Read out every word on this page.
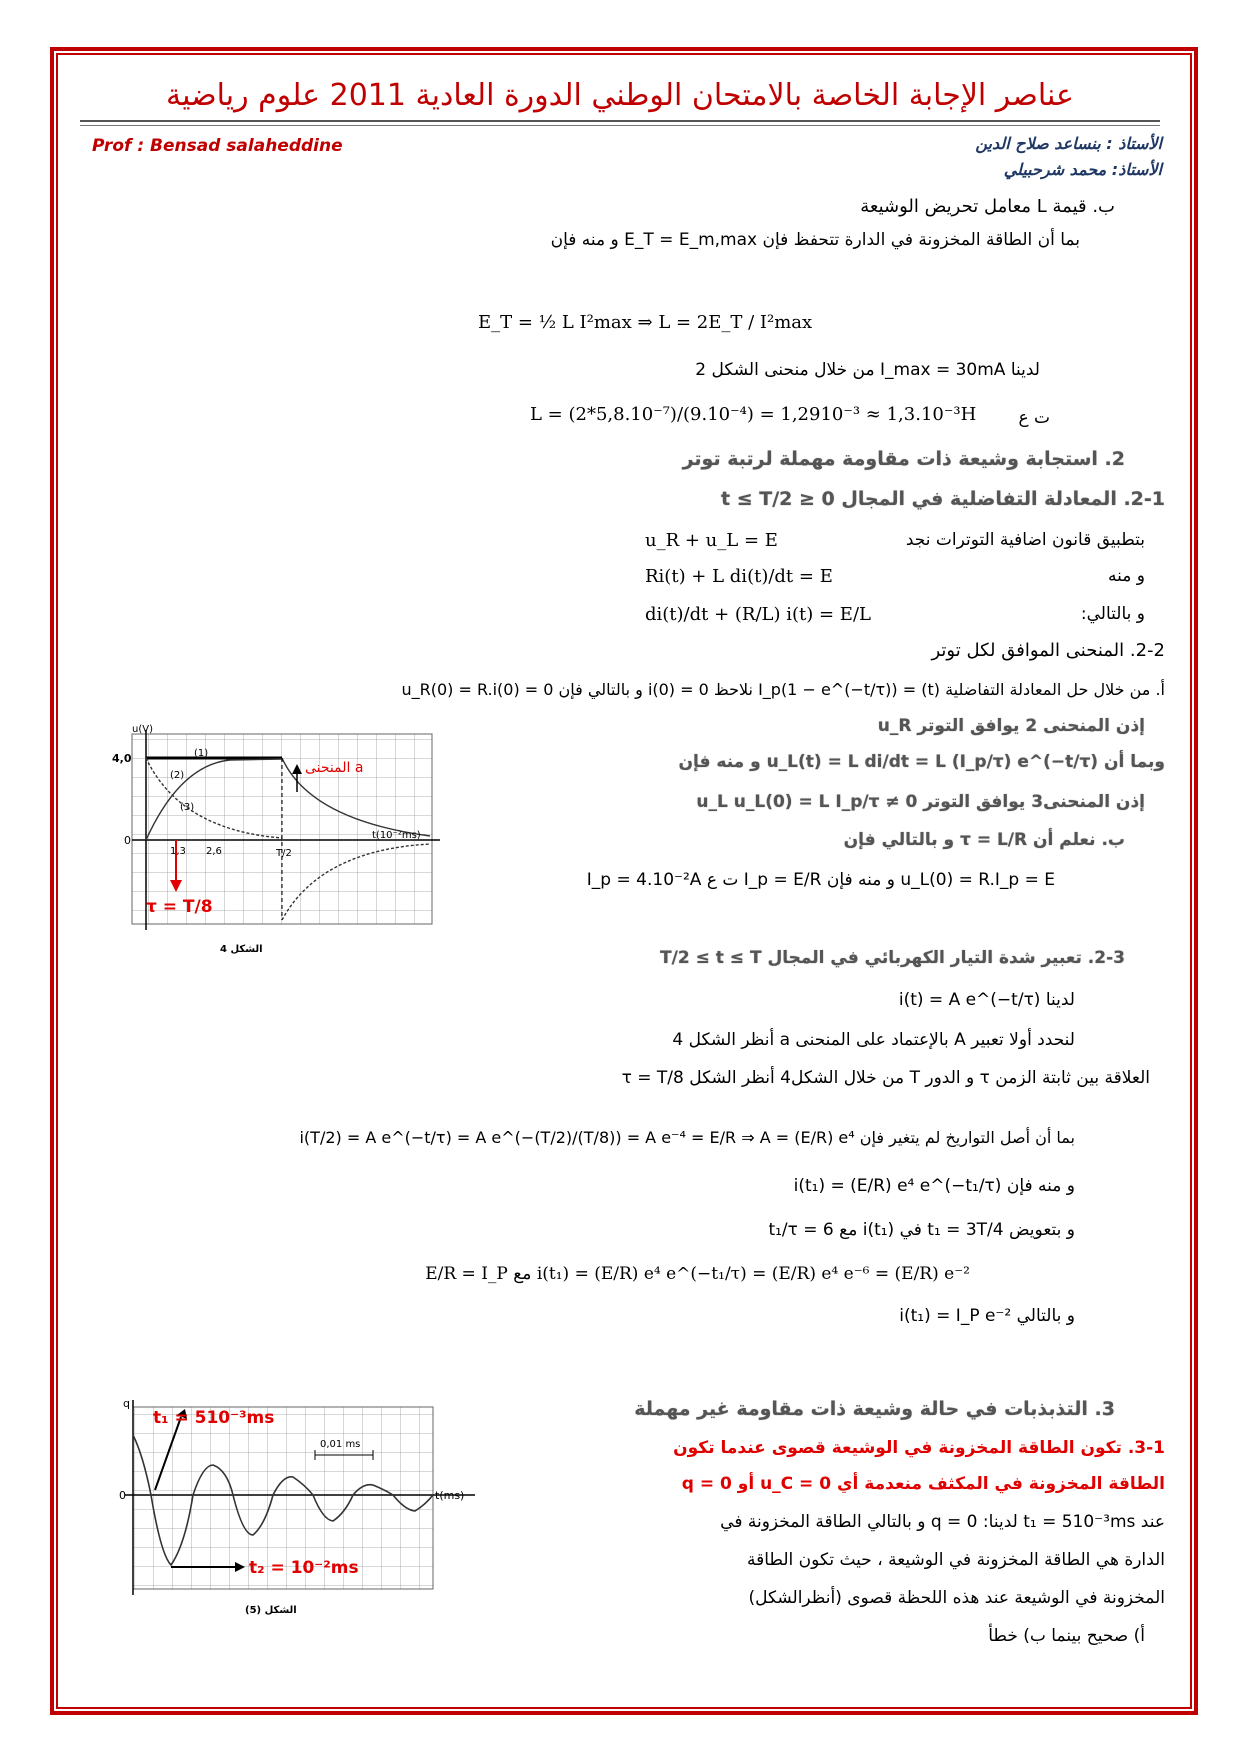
عناصر الإجابة الخاصة بالامتحان الوطني الدورة العادية 2011 علوم رياضية
Prof : Bensad salaheddine	الأستاذ : بنساعد صلاح الدين
الأستاذ: محمد شرحبيلي
ب. قيمة L معامل تحريض الوشيعة
بما أن الطاقة المخزونة في الدارة تتحفظ فإن E_T = E_m,max و منه فإن
E_T = ½ L I²max ⇒ L = 2E_T / I²max
لدينا I_max = 30mA من خلال منحنى الشكل 2
L = (2*5,8.10⁻⁷)/(9.10⁻⁴) = 1,2910⁻³ ≈ 1,3.10⁻³H ت ع
2. استجابة وشيعة ذات مقاومة مهملة لرتبة توتر
2-1. المعادلة التفاضلية في المجال 0 ≤ t ≤ T/2
بتطبيق قانون اضافية التوترات نجد
u_R + u_L = E
و منه
Ri(t) + L di(t)/dt = E
و بالتالي:
di(t)/dt + (R/L) i(t) = E/L
2-2. المنحنى الموافق لكل توتر
أ. من خلال حل المعادلة التفاضلية (t) = I_p(1 − e^(−t/τ)) نلاحظ i(0) = 0 و بالتالي فإن u_R(0) = R.i(0) = 0
إذن المنحنى 2 يوافق التوتر u_R
وبما أن u_L(t) = L di/dt = L (I_p/τ) e^(−t/τ) و منه فإن
إذن المنحنى3 يوافق التوتر u_L u_L(0) = L I_p/τ ≠ 0
ب. نعلم أن τ = L/R و بالتالي فإن
u_L(0) = R.I_p = E و منه فإن I_p = E/R ت ع I_p = 4.10⁻²A
2-3. تعبير شدة التيار الكهربائي في المجال T/2 ≤ t ≤ T
لدينا i(t) = A e^(−t/τ)
لنحدد أولا تعبير A بالإعتماد على المنحنى a أنظر الشكل 4
العلاقة بين ثابتة الزمن τ و الدور T من خلال الشكل4 أنظر الشكل τ = T/8
بما أن أصل التواريخ لم يتغير فإن i(T/2) = A e^(−t/τ) = A e^(−(T/2)/(T/8)) = A e⁻⁴ = E/R ⇒ A = (E/R) e⁴
و منه فإن i(t₁) = (E/R) e⁴ e^(−t₁/τ)
و بتعويض t₁ = 3T/4 في i(t₁) مع t₁/τ = 6
i(t₁) = (E/R) e⁴ e^(−t₁/τ) = (E/R) e⁴ e⁻⁶ = (E/R) e⁻² مع E/R = I_P
و بالتالي i(t₁) = I_P e⁻²
3. التذبذبات في حالة وشيعة ذات مقاومة غير مهملة
3-1. تكون الطاقة المخزونة في الوشيعة قصوى عندما تكون
الطاقة المخزونة في المكثف منعدمة أي u_C = 0 أو q = 0
عند t₁ = 510⁻³ms لدينا: q = 0 و بالتالي الطاقة المخزونة في
الدارة هي الطاقة المخزونة في الوشيعة ، حيث تكون الطاقة
المخزونة في الوشيعة عند هذه اللحظة قصوى (أنظرالشكل)
أ) صحيح بينما ب) خطأ
u(V)
4,0
0	t(10⁻²ms)
1,3 2,6	T/2
(1)
(2)
(3)
المنحنى a
τ = T/8
الشكل 4
q
0	t(ms)
0,01 ms
t₁ = 510⁻³ms
t₂ = 10⁻²ms
الشكل (5)
